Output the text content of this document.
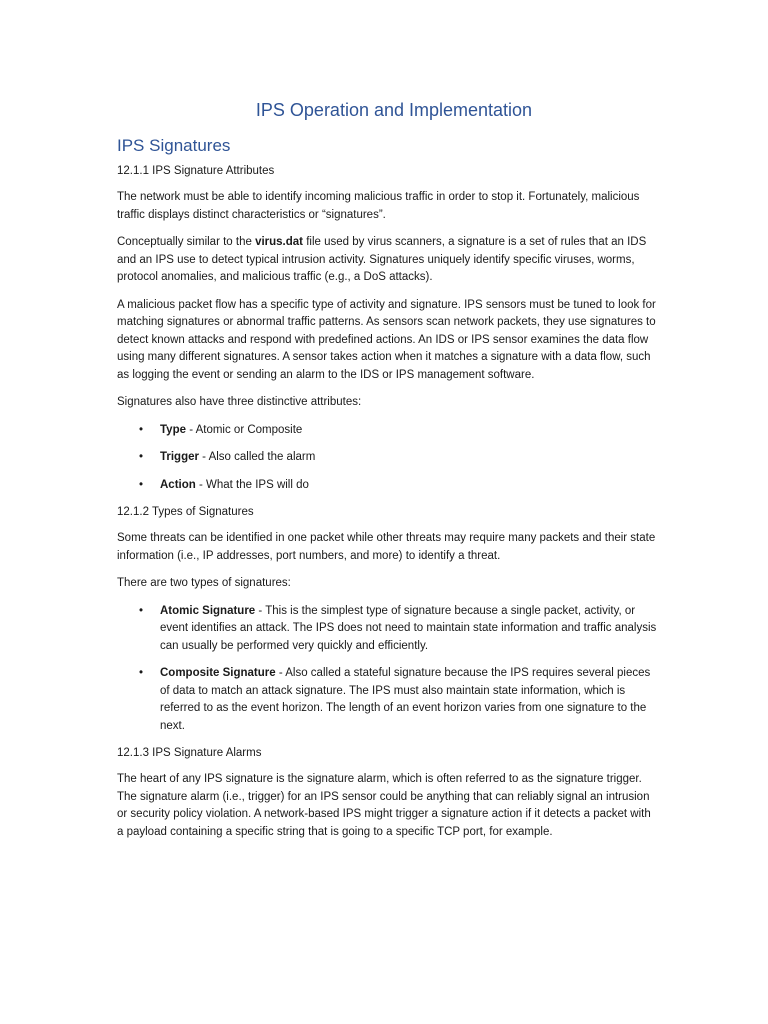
IPS Operation and Implementation
IPS Signatures
12.1.1 IPS Signature Attributes

The network must be able to identify incoming malicious traffic in order to stop it. Fortunately, malicious traffic displays distinct characteristics or “signatures”.

Conceptually similar to the virus.dat file used by virus scanners, a signature is a set of rules that an IDS and an IPS use to detect typical intrusion activity. Signatures uniquely identify specific viruses, worms, protocol anomalies, and malicious traffic (e.g., a DoS attacks).

A malicious packet flow has a specific type of activity and signature. IPS sensors must be tuned to look for matching signatures or abnormal traffic patterns. As sensors scan network packets, they use signatures to detect known attacks and respond with predefined actions. An IDS or IPS sensor examines the data flow using many different signatures. A sensor takes action when it matches a signature with a data flow, such as logging the event or sending an alarm to the IDS or IPS management software.

Signatures also have three distinctive attributes:

• Type - Atomic or Composite
• Trigger - Also called the alarm
• Action - What the IPS will do
12.1.2 Types of Signatures

Some threats can be identified in one packet while other threats may require many packets and their state information (i.e., IP addresses, port numbers, and more) to identify a threat.

There are two types of signatures:

• Atomic Signature - This is the simplest type of signature because a single packet, activity, or event identifies an attack. The IPS does not need to maintain state information and traffic analysis can usually be performed very quickly and efficiently.
• Composite Signature - Also called a stateful signature because the IPS requires several pieces of data to match an attack signature. The IPS must also maintain state information, which is referred to as the event horizon. The length of an event horizon varies from one signature to the next.
12.1.3 IPS Signature Alarms

The heart of any IPS signature is the signature alarm, which is often referred to as the signature trigger. The signature alarm (i.e., trigger) for an IPS sensor could be anything that can reliably signal an intrusion or security policy violation. A network-based IPS might trigger a signature action if it detects a packet with a payload containing a specific string that is going to a specific TCP port, for example.
